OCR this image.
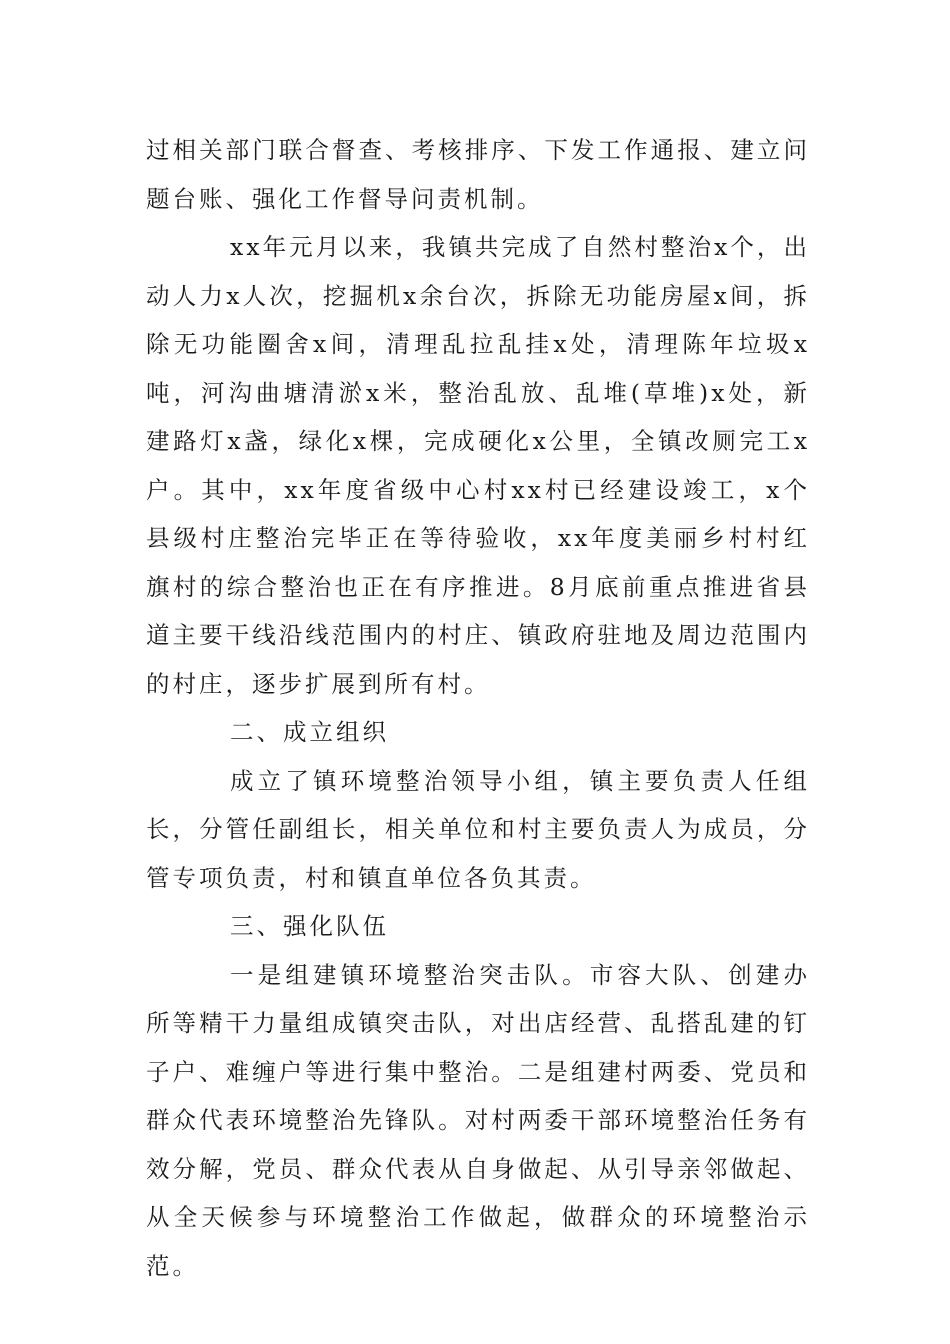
过相关部门联合督查、考核排序、下发工作通报、建立问题台账、强化工作督导问责机制。

xx年元月以来，我镇共完成了自然村整治x个，出动人力x人次，挖掘机x余台次，拆除无功能房屋x间，拆除无功能圈舍x间，清理乱拉乱挂x处，清理陈年垃圾x吨，河沟曲塘清淤x米，整治乱放、乱堆(草堆)x处，新建路灯x盏，绿化x棵，完成硬化x公里，全镇改厕完工x户。其中，xx年度省级中心村xx村已经建设竣工，x个县级村庄整治完毕正在等待验收，xx年度美丽乡村村红旗村的综合整治也正在有序推进。8月底前重点推进省县道主要干线沿线范围内的村庄、镇政府驻地及周边范围内的村庄，逐步扩展到所有村。

二、成立组织

成立了镇环境整治领导小组，镇主要负责人任组长，分管任副组长，相关单位和村主要负责人为成员，分管专项负责，村和镇直单位各负其责。

三、强化队伍

一是组建镇环境整治突击队。市容大队、创建办所等精干力量组成镇突击队，对出店经营、乱搭乱建的钉子户、难缠户等进行集中整治。二是组建村两委、党员和群众代表环境整治先锋队。对村两委干部环境整治任务有效分解，党员、群众代表从自身做起、从引导亲邻做起、从全天候参与环境整治工作做起，做群众的环境整治示范。
